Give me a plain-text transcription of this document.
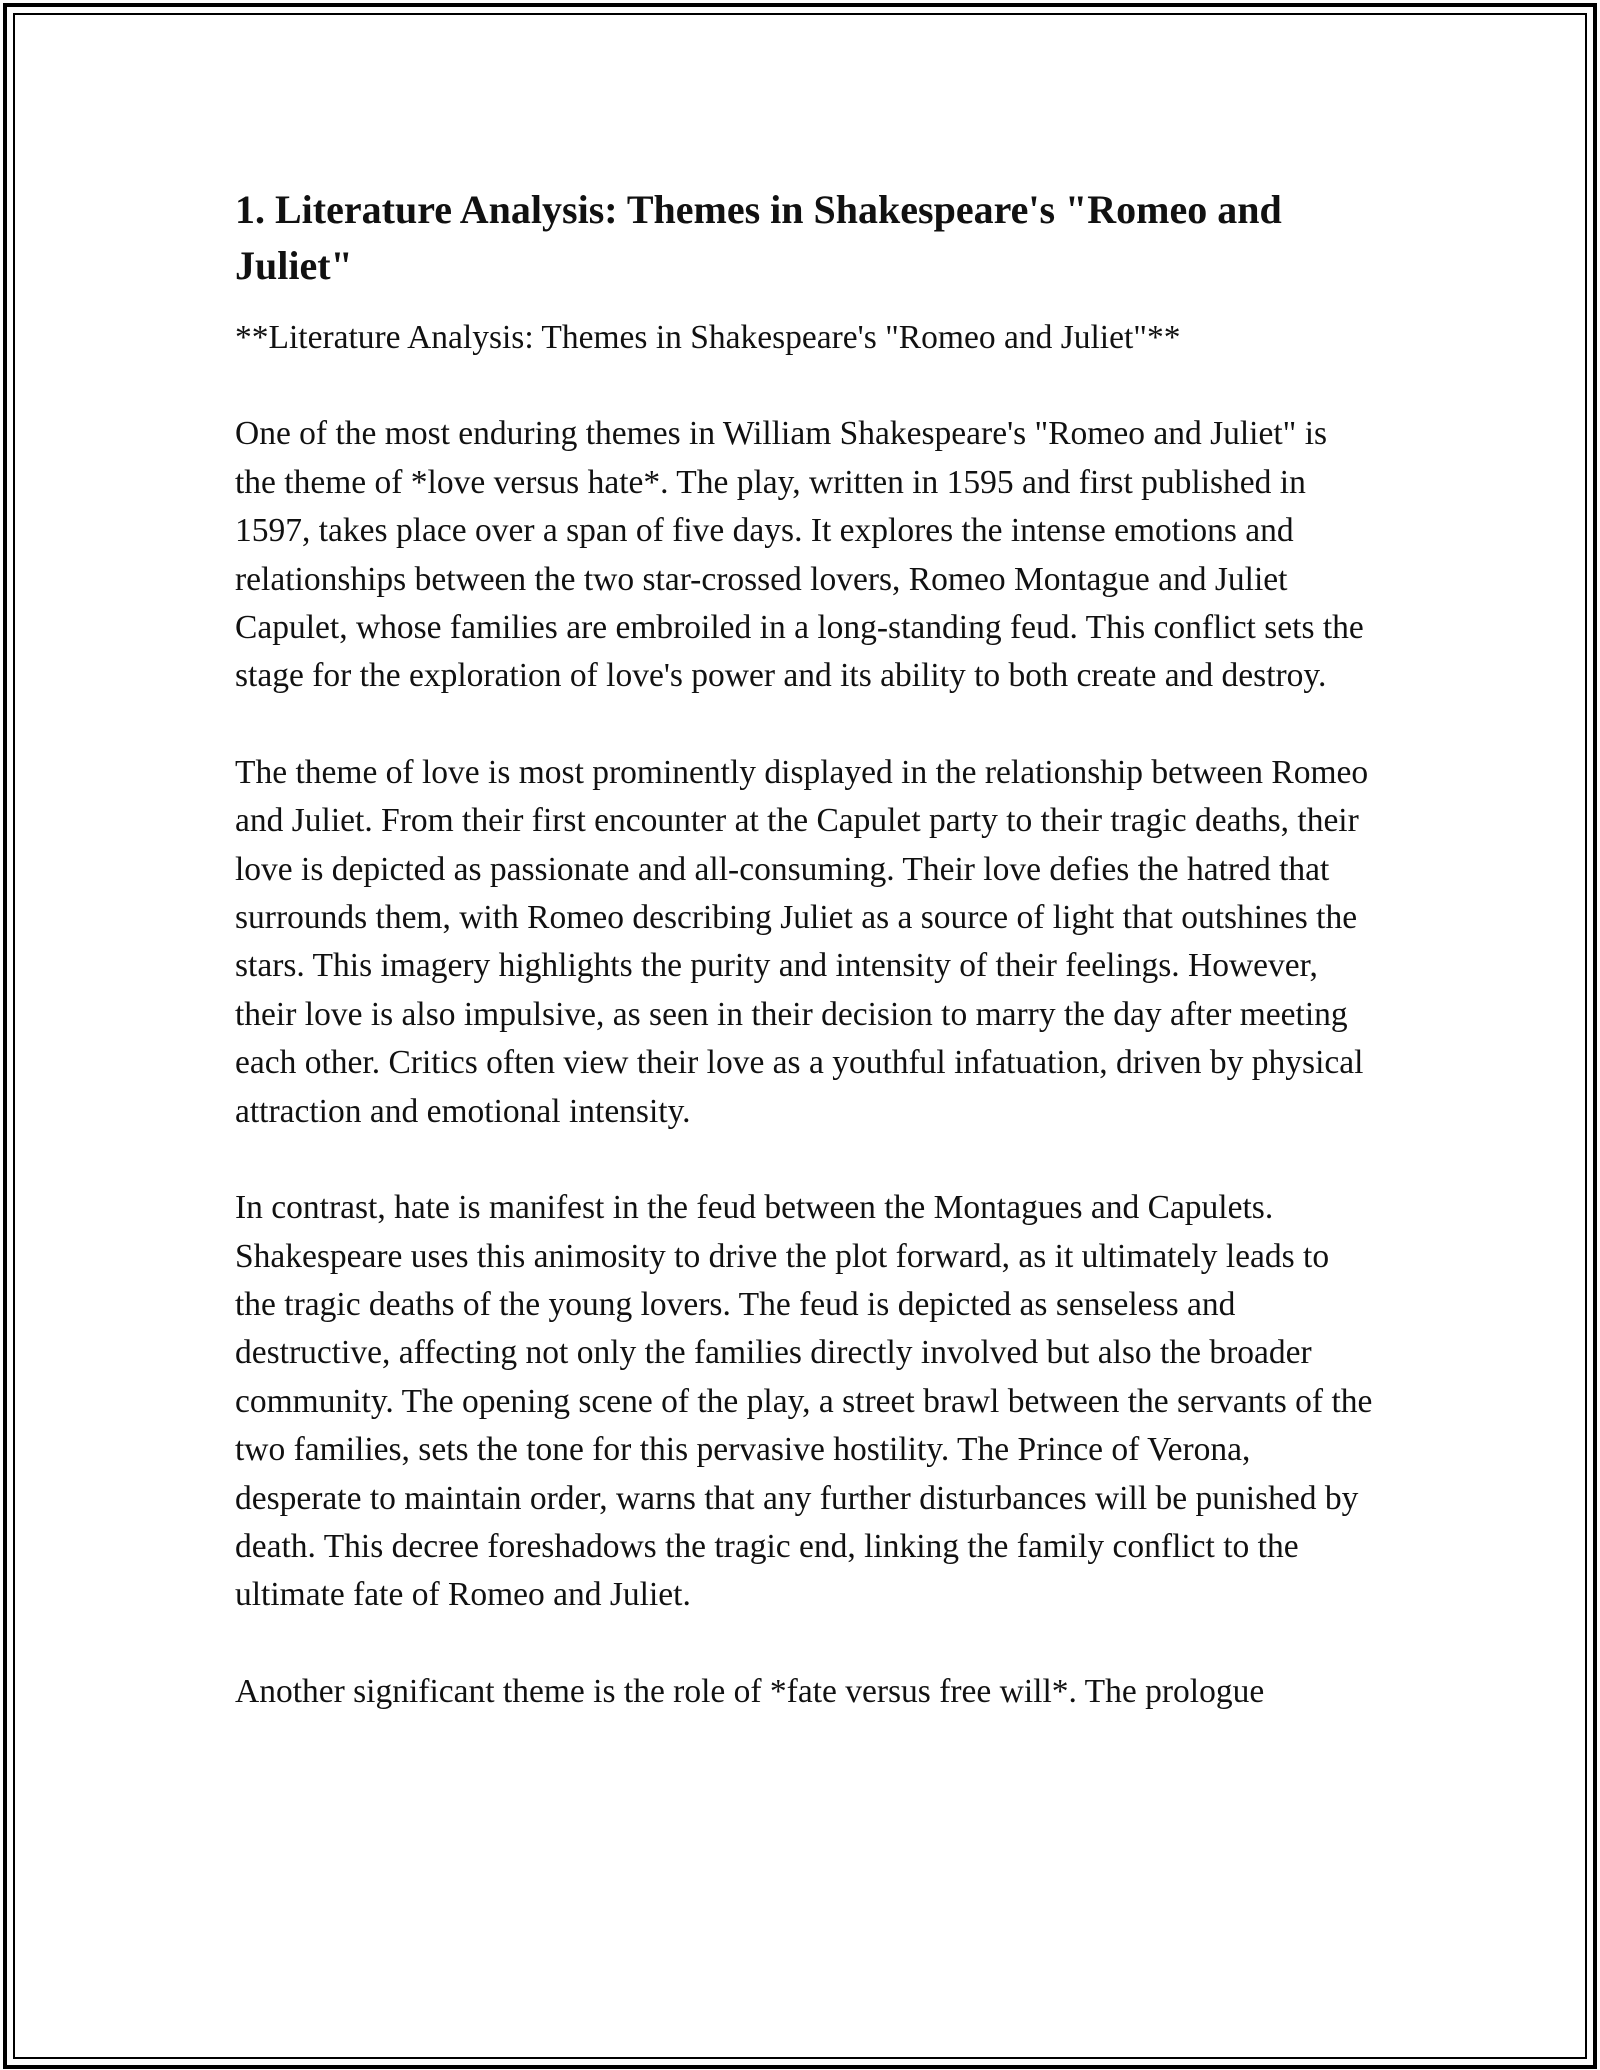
1. Literature Analysis: Themes in Shakespeare's "Romeo and Juliet"

**Literature Analysis: Themes in Shakespeare's "Romeo and Juliet"**

One of the most enduring themes in William Shakespeare's "Romeo and Juliet" is the theme of *love versus hate*. The play, written in 1595 and first published in 1597, takes place over a span of five days. It explores the intense emotions and relationships between the two star-crossed lovers, Romeo Montague and Juliet Capulet, whose families are embroiled in a long-standing feud. This conflict sets the stage for the exploration of love's power and its ability to both create and destroy.

The theme of love is most prominently displayed in the relationship between Romeo and Juliet. From their first encounter at the Capulet party to their tragic deaths, their love is depicted as passionate and all-consuming. Their love defies the hatred that surrounds them, with Romeo describing Juliet as a source of light that outshines the stars. This imagery highlights the purity and intensity of their feelings. However, their love is also impulsive, as seen in their decision to marry the day after meeting each other. Critics often view their love as a youthful infatuation, driven by physical attraction and emotional intensity.

In contrast, hate is manifest in the feud between the Montagues and Capulets. Shakespeare uses this animosity to drive the plot forward, as it ultimately leads to the tragic deaths of the young lovers. The feud is depicted as senseless and destructive, affecting not only the families directly involved but also the broader community. The opening scene of the play, a street brawl between the servants of the two families, sets the tone for this pervasive hostility. The Prince of Verona, desperate to maintain order, warns that any further disturbances will be punished by death. This decree foreshadows the tragic end, linking the family conflict to the ultimate fate of Romeo and Juliet.

Another significant theme is the role of *fate versus free will*. The prologue
